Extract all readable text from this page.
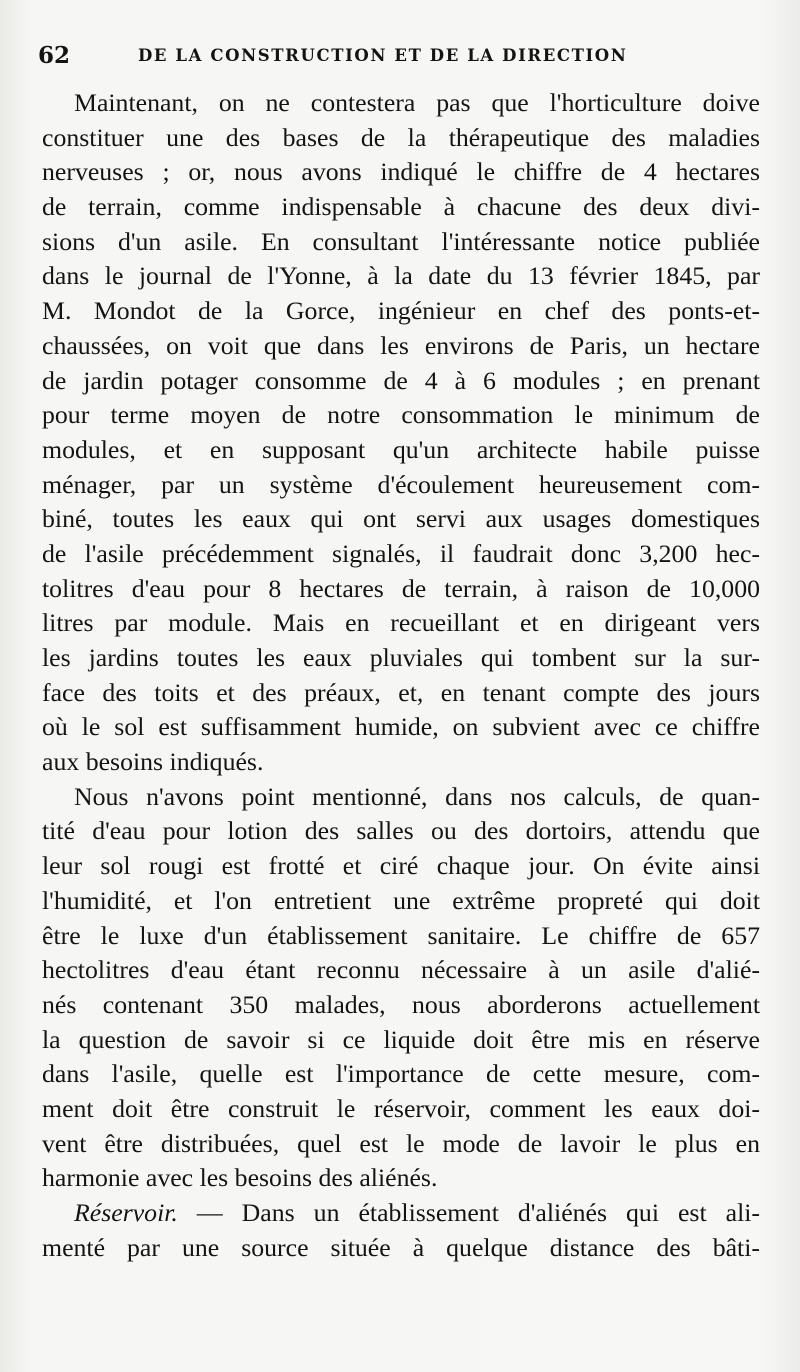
62	DE LA CONSTRUCTION ET DE LA DIRECTION
Maintenant, on ne contestera pas que l'horticulture doive
constituer une des bases de la thérapeutique des maladies
nerveuses ; or, nous avons indiqué le chiffre de 4 hectares
de terrain, comme indispensable à chacune des deux divi-
sions d'un asile. En consultant l'intéressante notice publiée
dans le journal de l'Yonne, à la date du 13 février 1845, par
M. Mondot de la Gorce, ingénieur en chef des ponts-et-
chaussées, on voit que dans les environs de Paris, un hectare
de jardin potager consomme de 4 à 6 modules ; en prenant
pour terme moyen de notre consommation le minimum de
modules, et en supposant qu'un architecte habile puisse
ménager, par un système d'écoulement heureusement com-
biné, toutes les eaux qui ont servi aux usages domestiques
de l'asile précédemment signalés, il faudrait donc 3,200 hec-
tolitres d'eau pour 8 hectares de terrain, à raison de 10,000
litres par module. Mais en recueillant et en dirigeant vers
les jardins toutes les eaux pluviales qui tombent sur la sur-
face des toits et des préaux, et, en tenant compte des jours
où le sol est suffisamment humide, on subvient avec ce chiffre
aux besoins indiqués.
Nous n'avons point mentionné, dans nos calculs, de quan-
tité d'eau pour lotion des salles ou des dortoirs, attendu que
leur sol rougi est frotté et ciré chaque jour. On évite ainsi
l'humidité, et l'on entretient une extrême propreté qui doit
être le luxe d'un établissement sanitaire. Le chiffre de 657
hectolitres d'eau étant reconnu nécessaire à un asile d'alié-
nés contenant 350 malades, nous aborderons actuellement
la question de savoir si ce liquide doit être mis en réserve
dans l'asile, quelle est l'importance de cette mesure, com-
ment doit être construit le réservoir, comment les eaux doi-
vent être distribuées, quel est le mode de lavoir le plus en
harmonie avec les besoins des aliénés.
Réservoir. — Dans un établissement d'aliénés qui est ali-
menté par une source située à quelque distance des bâti-
